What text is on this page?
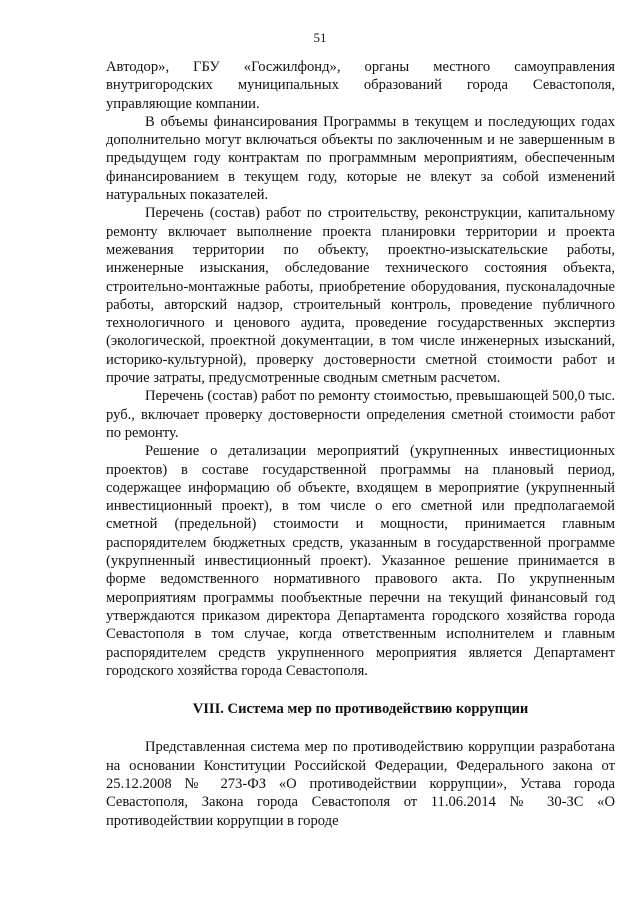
51

Автодор», ГБУ «Госжилфонд», органы местного самоуправления внутригородских муниципальных образований города Севастополя, управляющие компании.

В объемы финансирования Программы в текущем и последующих годах дополнительно могут включаться объекты по заключенным и не завершенным в предыдущем году контрактам по программным мероприятиям, обеспеченным финансированием в текущем году, которые не влекут за собой изменений натуральных показателей.

Перечень (состав) работ по строительству, реконструкции, капитальному ремонту включает выполнение проекта планировки территории и проекта межевания территории по объекту, проектно-изыскательские работы, инженерные изыскания, обследование технического состояния объекта, строительно-монтажные работы, приобретение оборудования, пусконаладочные работы, авторский надзор, строительный контроль, проведение публичного технологичного и ценового аудита, проведение государственных экспертиз (экологической, проектной документации, в том числе инженерных изысканий, историко-культурной), проверку достоверности сметной стоимости работ и прочие затраты, предусмотренные сводным сметным расчетом.

Перечень (состав) работ по ремонту стоимостью, превышающей 500,0 тыс. руб., включает проверку достоверности определения сметной стоимости работ по ремонту.

Решение о детализации мероприятий (укрупненных инвестиционных проектов) в составе государственной программы на плановый период, содержащее информацию об объекте, входящем в мероприятие (укрупненный инвестиционный проект), в том числе о его сметной или предполагаемой сметной (предельной) стоимости и мощности, принимается главным распорядителем бюджетных средств, указанным в государственной программе (укрупненный инвестиционный проект). Указанное решение принимается в форме ведомственного нормативного правового акта. По укрупненным мероприятиям программы пообъектные перечни на текущий финансовый год утверждаются приказом директора Департамента городского хозяйства города Севастополя в том случае, когда ответственным исполнителем и главным распорядителем средств укрупненного мероприятия является Департамент городского хозяйства города Севастополя.

VIII. Система мер по противодействию коррупции

Представленная система мер по противодействию коррупции разработана на основании Конституции Российской Федерации, Федерального закона от 25.12.2008 № 273-ФЗ «О противодействии коррупции», Устава города Севастополя, Закона города Севастополя от 11.06.2014 № 30-ЗС «О противодействии коррупции в городе
